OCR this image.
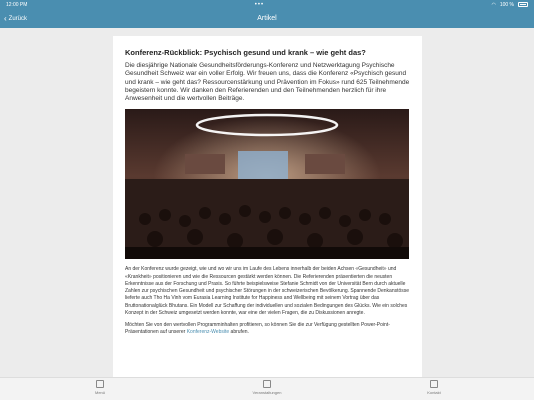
12:00 PM	•••	◠ 100 %
‹ Zurück	Artikel
Konferenz-Rückblick: Psychisch gesund und krank – wie geht das?
Die diesjährige Nationale Gesundheitsförderungs-Konferenz und Netzwerktagung Psychische Gesundheit Schweiz war ein voller Erfolg. Wir freuen uns, dass die Konferenz «Psychisch gesund und krank – wie geht das? Ressourcenstärkung und Prävention im Fokus» rund 625 Teilnehmende begeistern konnte. Wir danken den Referierenden und den Teilnehmenden herzlich für ihre Anwesenheit und die wertvollen Beiträge.
An der Konferenz wurde gezeigt, wie und wo wir uns im Laufe des Lebens innerhalb der beiden Achsen «Gesundheit» und «Krankheit» positionieren und wie die Ressourcen gestärkt werden können. Die Referierenden präsentierten die neusten Erkenntnisse aus der Forschung und Praxis. So führte beispielsweise Stefanie Schmidt von der Universität Bern durch aktuelle Zahlen zur psychischen Gesundheit und psychischer Störungen in der schweizerischen Bevölkerung. Spannende Denkanstösse lieferte auch Tho Ha Vinh vom Eurasia Learning Institute for Happiness and Wellbeing mit seinem Vortrag über das Bruttonationalglück Bhutans. Ein Modell zur Schaffung der individuellen und sozialen Bedingungen des Glücks. Wie ein solches Konzept in der Schweiz umgesetzt werden konnte, war eine der vielen Fragen, die zu Diskussionen anregte.
Möchten Sie von den wertvollen Programminhalten profitieren, so können Sie die zur Verfügung gestellten Power-Point-Präsentationen auf unserer Konferenz-Website abrufen.
Menü	Veranstaltungen	Kontakt
